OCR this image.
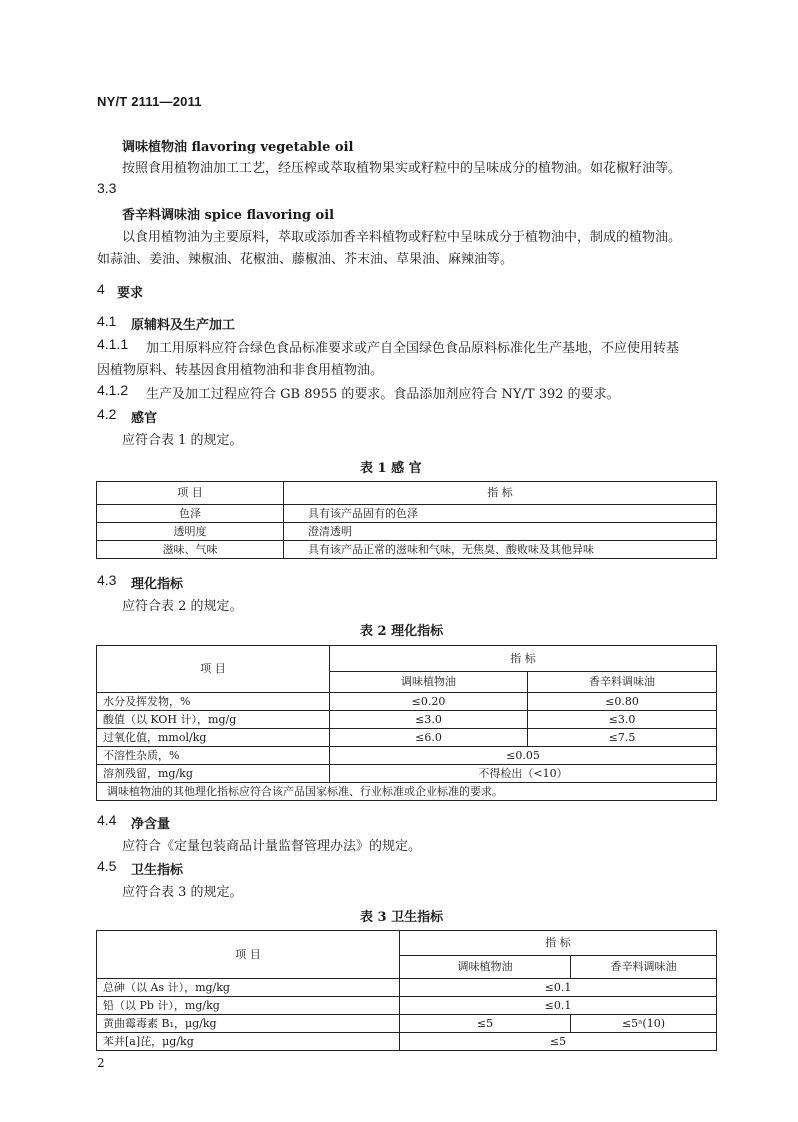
NY/T 2111—2011
调味植物油 flavoring vegetable oil
按照食用植物油加工工艺，经压榨或萃取植物果实或籽粒中的呈味成分的植物油。如花椒籽油等。
3.3
香辛料调味油 spice flavoring oil
以食用植物油为主要原料，萃取或添加香辛料植物或籽粒中呈味成分于植物油中，制成的植物油。
如蒜油、姜油、辣椒油、花椒油、藤椒油、芥末油、草果油、麻辣油等。
4 要求
4.1 原辅料及生产加工
4.1.1 加工用原料应符合绿色食品标准要求或产自全国绿色食品原料标准化生产基地，不应使用转基
因植物原料、转基因食用植物油和非食用植物油。
4.1.2 生产及加工过程应符合 GB 8955 的要求。食品添加剂应符合 NY/T 392 的要求。
4.2 感官
应符合表 1 的规定。
表 1 感 官
项 目	指 标
色泽	具有该产品固有的色泽
透明度	澄清透明
滋味、气味	具有该产品正常的滋味和气味，无焦臭、酸败味及其他异味
4.3 理化指标
应符合表 2 的规定。
表 2 理化指标
项 目	指 标	
	调味植物油	香辛料调味油
水分及挥发物，%	≤0.20	≤0.80
酸值（以 KOH 计），mg/g	≤3.0	≤3.0
过氧化值，mmol/kg	≤6.0	≤7.5
不溶性杂质，%	≤0.05	
溶剂残留，mg/kg	不得检出（<10）	
调味植物油的其他理化指标应符合该产品国家标准、行业标准或企业标准的要求。		
4.4 净含量
应符合《定量包装商品计量监督管理办法》的规定。
4.5 卫生指标
应符合表 3 的规定。
表 3 卫生指标
项 目	指 标	
	调味植物油	香辛料调味油
总砷（以 As 计），mg/kg	≤0.1	
铅（以 Pb 计），mg/kg	≤0.1	
黄曲霉毒素 B₁，μg/kg	≤5	≤5ᵃ(10)
苯并[a]芘，μg/kg	≤5	
2
